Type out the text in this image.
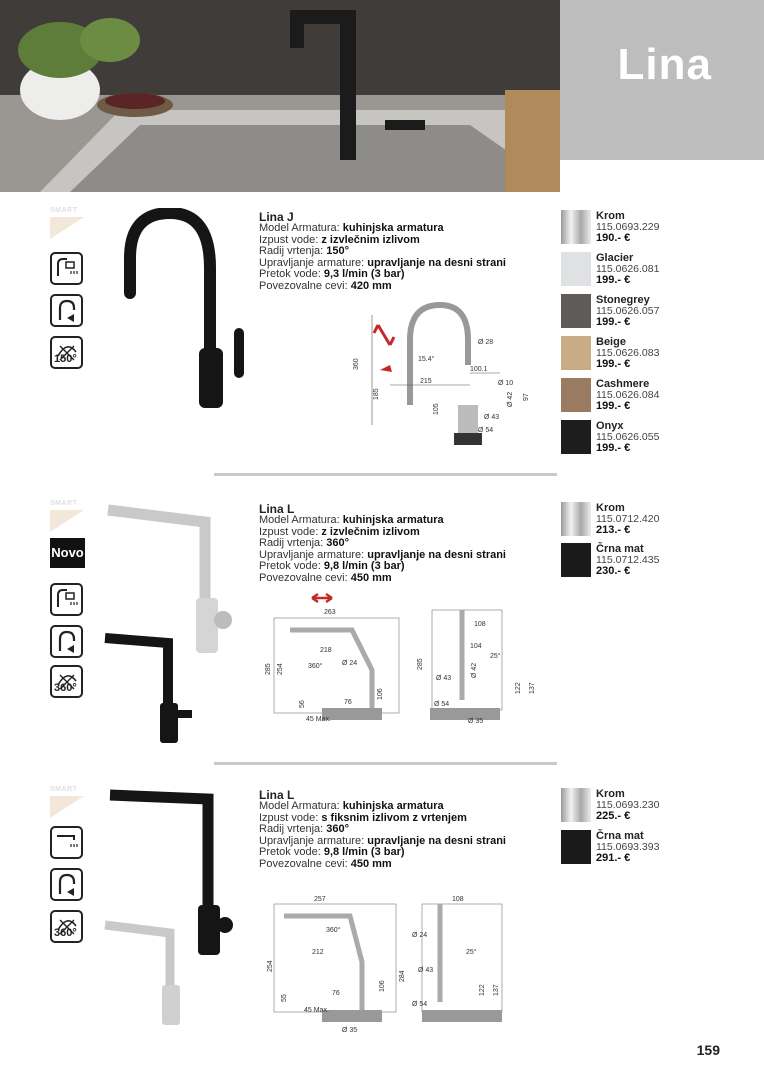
Lina
SMART
150°
Lina J
Model Armatura: kuhinjska armatura
Izpust vode: z izvlečnim izlivom
Radij vrtenja: 150°
Upravljanje armature: upravljanje na desni strani
Pretok vode: 9,3 l/min (3 bar)
Povezovalne cevi: 420 mm
360
185
105
215
15.4°
Ø 28
100.1
Ø 10
Ø 42 97
Ø 43
Ø 54
Krom
115.0693.229
190.- €
Glacier
115.0626.081
199.- €
Stonegrey
115.0626.057
199.- €
Beige
115.0626.083
199.- €
Cashmere
115.0626.084
199.- €
Onyx
115.0626.055
199.- €
SMART
Novo
360°
Lina L
Model Armatura: kuhinjska armatura
Izpust vode: z izvlečnim izlivom
Radij vrtenja: 360°
Upravljanje armature: upravljanje na desni strani
Pretok vode: 9,8 l/min (3 bar)
Povezovalne cevi: 450 mm
263
218
285 254	360°	Ø 24
56	76
106
45 Max.
285
108
104
25°
Ø 42
Ø 43
122 137
Ø 54
Ø 35
Krom
115.0712.420
213.- €
Črna mat
115.0712.435
230.- €
SMART
360°
Lina L
Model Armatura: kuhinjska armatura
Izpust vode: s fiksnim izlivom z vrtenjem
Radij vrtenja: 360°
Upravljanje armature: upravljanje na desni strani
Pretok vode: 9,8 l/min (3 bar)
Povezovalne cevi: 450 mm
257
212
254
360°
55
76
106
45 Max.
Ø 35
108
Ø 24
25°
284 Ø 43
122 137
Ø 54
Krom
115.0693.230
225.- €
Črna mat
115.0693.393
291.- €
159
